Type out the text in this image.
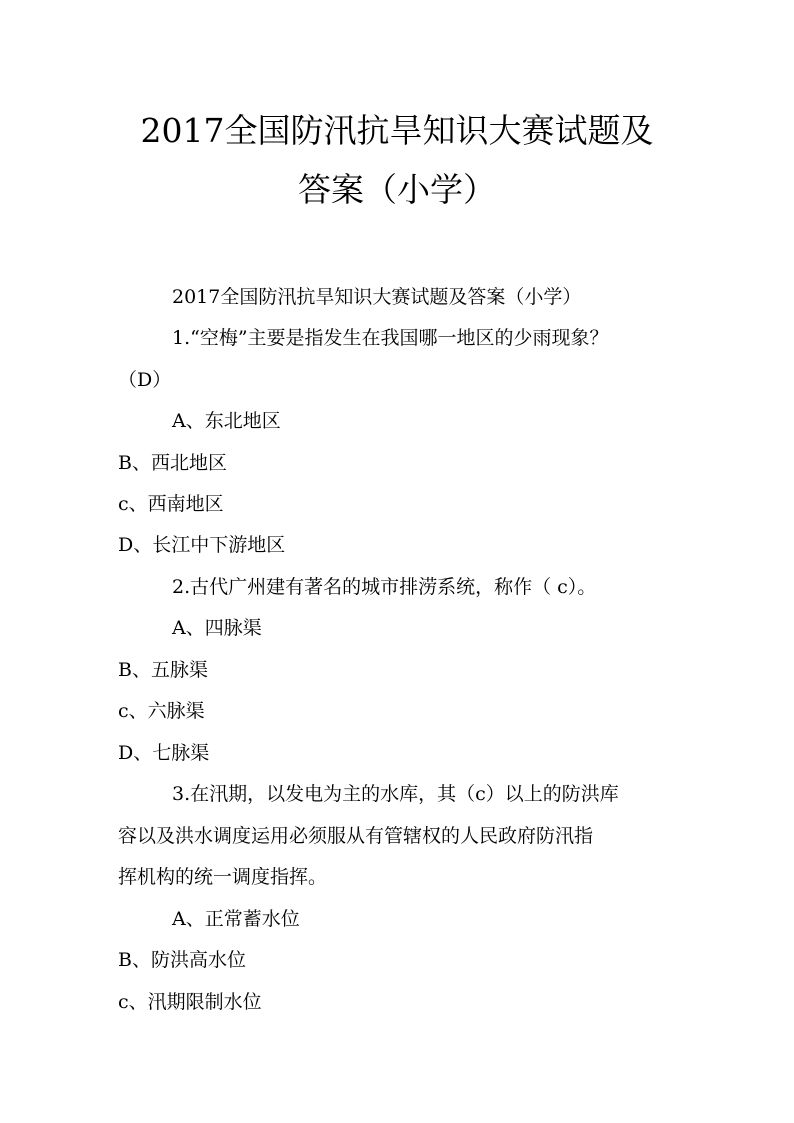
2017全国防汛抗旱知识大赛试题及
答案（小学）
2017全国防汛抗旱知识大赛试题及答案（小学）
1.“空梅”主要是指发生在我国哪一地区的少雨现象？
（D）
A、东北地区
B、西北地区
c、西南地区
D、长江中下游地区
2.古代广州建有著名的城市排涝系统，称作（ c）。
A、四脉渠
B、五脉渠
c、六脉渠
D、七脉渠
3.在汛期，以发电为主的水库，其（c）以上的防洪库
容以及洪水调度运用必须服从有管辖权的人民政府防汛指
挥机构的统一调度指挥。
A、正常蓄水位
B、防洪高水位
c、汛期限制水位
